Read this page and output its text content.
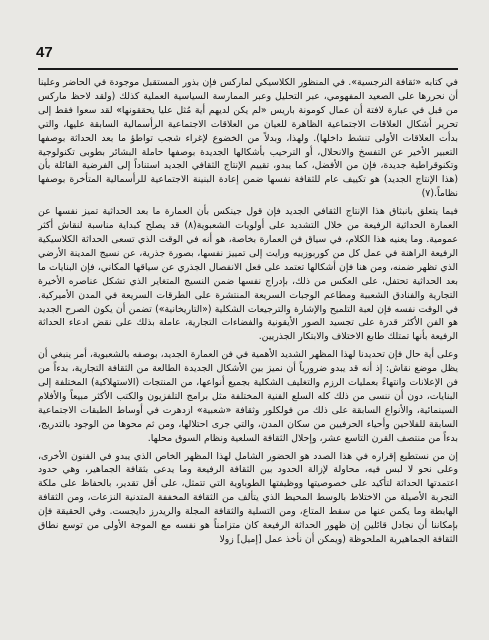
47

في كتابه «ثقافة النرجسية». في المنظور الكلاسيكي لماركس فإن بذور المستقبل موجودة في الحاضر وعلينا أن نحررها على الصعيد المفهومي، عبر التحليل وعبر الممارسة السياسية العملية كذلك (ولقد لاحظ ماركس من قبل في عبارة لافتة أن عمال كومونة باريس «لم يكن لديهم أية مُثل عليا يحققونها» لقد سعوا فقط إلى تحرير أشكال العلاقات الاجتماعية الظاهرة للعيان من العلاقات الاجتماعية الرأسمالية السابقة عليها، والتي بدأت العلاقات الأولى تنشط داخلها). ولهذا، وبدلاً من الخضوع لإغراء شجب تواطؤ ما بعد الحداثة بوصفها التعبير الأخير عن التفسخ والانحلال، أو الترحيب بأشكالها الجديدة بوصفها حاملة البشائر بطوبى تكنولوجية وتكنوقراطية جديدة، فإن من الأفضل، كما يبدو، تقييم الإنتاج الثقافي الجديد استناداً إلى الفرضية القائلة بأن (هذا الإنتاج الجديد) هو تكييف عام للثقافة نفسها ضمن إعادة البنينة الاجتماعية للرأسمالية المتأخرة بوصفها نظاماً.(٧)

فيما يتعلق بانبثاق هذا الإنتاج الثقافي الجديد فإن قول جينكس بأن العمارة ما بعد الحداثية تميز نفسها عن العمارة الحداثية الرفيعة من خلال التشديد على أولويات الشعبوية(٨) قد يصلح كبداية مناسبة لنقاش أكثر عمومية. وما يعنيه هذا الكلام، في سياق فن العمارة بخاصة، هو أنه في الوقت الذي تسعى الحداثة الكلاسيكية الرفيعة الراهنة في عمل كل من كوربوزييه ورايت إلى تمييز نفسها، بصورة جذرية، عن نسيج المدينة الأرضي الذي تظهر ضمنه، ومن هنا فإن أشكالها تعتمد على فعل الانفصال الجذري عن سياقها المكاني، فإن البنايات ما بعد الحداثية تحتفل، على العكس من ذلك، بإدراج نفسها ضمن النسيج المتغاير الذي تشكل عناصره الأخيرة التجارية والفنادق الشعبية ومطاعم الوجبات السريعة المنتشرة على الطرقات السريعة في المدن الأميركية. في الوقت نفسه فإن لعبة التلميح والإشارة والترجيعات الشكلية («التاريخانية») تضمن أن يكون الصرح الجديد هو الفن الأكثر قدرة على تجسيد الصور الأيقونية والفضاءات التجارية، عاملة بذلك على نقض ادعاء الحداثة الرفيعة بأنها تمتلك طابع الاختلاف والابتكار الجذريين.

وعلى أية حال فإن تحديدنا لهذا المظهر الشديد الأهمية في فن العمارة الجديد، بوصفه بالشعبوية، أمر ينبغي أن يظل موضع نقاش: إذ أنه قد يبدو ضرورياً أن نميز بين الأشكال الجديدة الطالعة من الثقافة التجارية، بدءاً من فن الإعلانات وانتهاءً بعمليات الرزم والتغليف الشكلية بجميع أنواعها، من المنتجات (الاستهلاكية) المختلفة إلى البنايات، دون أن ننسى من ذلك كله السلع الفنية المختلفة مثل برامج التلفزيون والكتب الأكثر مبيعاً والأفلام السينمائية، والأنواع السابقة على ذلك من فولكلور وثقافة «شعبية» ازدهرت في أوساط الطبقات الاجتماعية السابقة للفلاحين وأحياء الحرفيين من سكان المدن، والتي جرى احتلالها، ومن ثم محوها من الوجود بالتدريج، بدءاً من منتصف القرن التاسع عشر، وإحلال الثقافة السلعية ونظام السوق محلها.

إن من نستطيع إقراره في هذا الصدد هو الحضور الشامل لهذا المظهر الخاص الذي يبدو في الفنون الأخرى، وعلى نحو لا لبس فيه، محاولة لإزالة الحدود بين الثقافة الرفيعة وما يدعى بثقافة الجماهير، وهي حدود اعتمدتها الحداثة لتأكيد على خصوصيتها ووظيفتها الطوباوية التي تتمثل، على أقل تقدير، بالحفاظ على ملكة التجربة الأصيلة من الاختلاط بالوسط المحيط الذي يتألف من الثقافة المخففة المتدنية النزعات، ومن الثقافة الهابطة وما يكمن عنها من سقط المتاع، ومن التسلية والثقافة المجلة والريدرز دايجست. وفي الحقيقة فإن بإمكاننا أن نجادل قائلين إن ظهور الحداثة الرفيعة كان متزامناً هو نفسه مع الموجة الأولى من توسع نطاق الثقافة الجماهيرية الملحوظة (ويمكن أن نأخذ عمل [إميل] زولا
